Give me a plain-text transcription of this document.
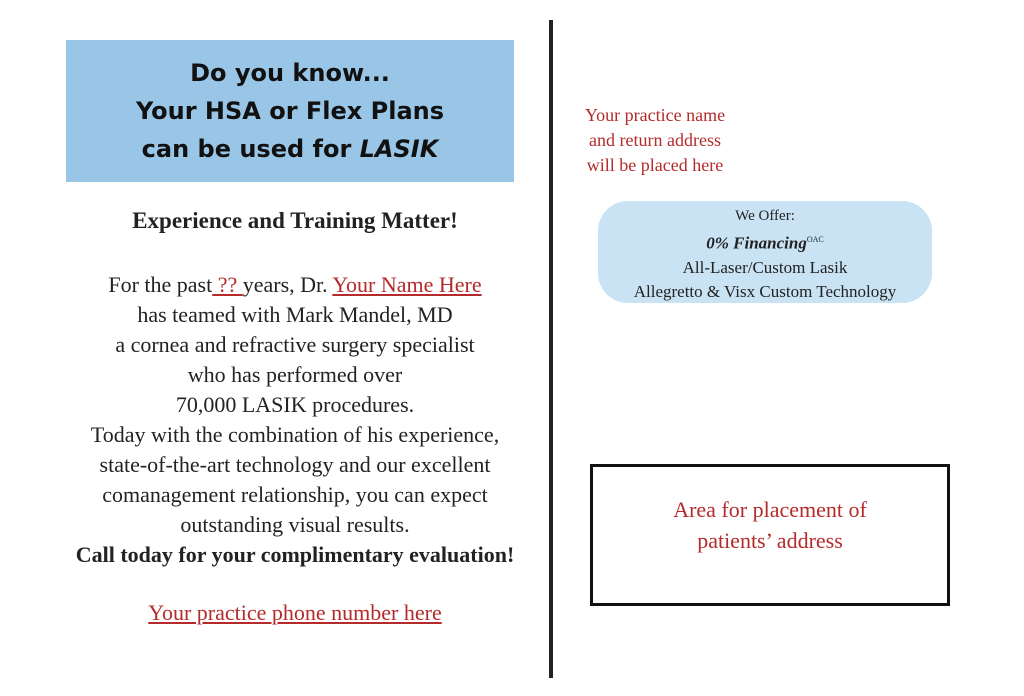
Do you know...
Your HSA or Flex Plans
can be used for LASIK
Experience and Training Matter!
For the past ?? years, Dr. Your Name Here
has teamed with Mark Mandel, MD
a cornea and refractive surgery specialist
who has performed over
70,000 LASIK procedures.
Today with the combination of his experience,
state-of-the-art technology and our excellent
comanagement relationship, you can expect
outstanding visual results.
Call today for your complimentary evaluation!
Your practice phone number here
Your practice name
and return address
will be placed here
We Offer:
0% Financing$^{OAC}$
All-Laser/Custom Lasik
Allegretto & Visx Custom Technology
Area for placement of
patients’ address
